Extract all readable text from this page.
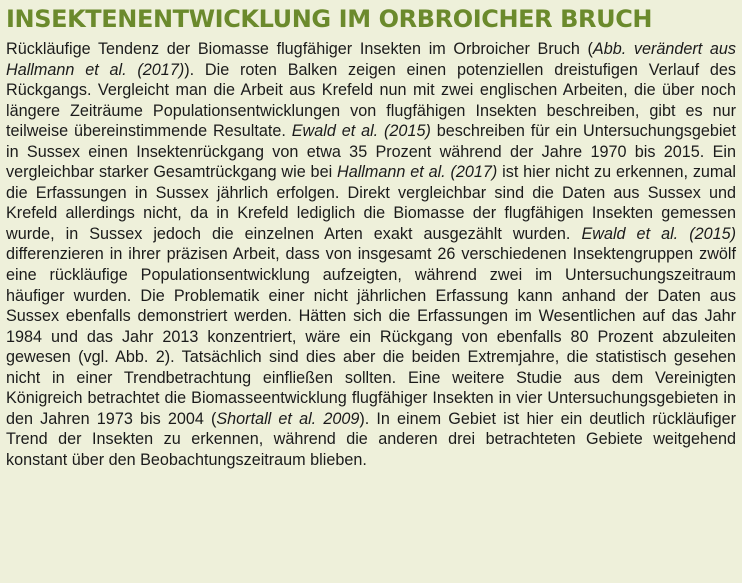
INSEKTENENTWICKLUNG IM ORBROICHER BRUCH

Rückläufige Tendenz der Biomasse flugfähiger Insekten im Orbroicher Bruch (Abb. verändert aus Hallmann et al. (2017)). Die roten Balken zeigen einen potenziellen dreistufigen Verlauf des Rückgangs. Vergleicht man die Arbeit aus Krefeld nun mit zwei englischen Arbeiten, die über noch längere Zeiträume Populationsentwicklungen von flugfähigen Insekten beschreiben, gibt es nur teilweise übereinstimmende Resultate. Ewald et al. (2015) beschreiben für ein Untersuchungsgebiet in Sussex einen Insektenrückgang von etwa 35 Prozent während der Jahre 1970 bis 2015. Ein vergleichbar starker Gesamtrückgang wie bei Hallmann et al. (2017) ist hier nicht zu erkennen, zumal die Erfassungen in Sussex jährlich erfolgen. Direkt vergleichbar sind die Daten aus Sussex und Krefeld allerdings nicht, da in Krefeld lediglich die Biomasse der flugfähigen Insekten gemessen wurde, in Sussex jedoch die einzelnen Arten exakt ausgezählt wurden. Ewald et al. (2015) differenzieren in ihrer präzisen Arbeit, dass von insgesamt 26 verschiedenen Insektengruppen zwölf eine rückläufige Populationsentwicklung aufzeigten, während zwei im Untersuchungszeitraum häufiger wurden. Die Problematik einer nicht jährlichen Erfassung kann anhand der Daten aus Sussex ebenfalls demonstriert werden. Hätten sich die Erfassungen im Wesentlichen auf das Jahr 1984 und das Jahr 2013 konzentriert, wäre ein Rückgang von ebenfalls 80 Prozent abzuleiten gewesen (vgl. Abb. 2). Tatsächlich sind dies aber die beiden Extremjahre, die statistisch gesehen nicht in einer Trendbetrachtung einfließen sollten. Eine weitere Studie aus dem Vereinigten Königreich betrachtet die Biomasseentwicklung flugfähiger Insekten in vier Untersuchungsgebieten in den Jahren 1973 bis 2004 (Shortall et al. 2009). In einem Gebiet ist hier ein deutlich rückläufiger Trend der Insekten zu erkennen, während die anderen drei betrachteten Gebiete weitgehend konstant über den Beobachtungszeitraum blieben.
